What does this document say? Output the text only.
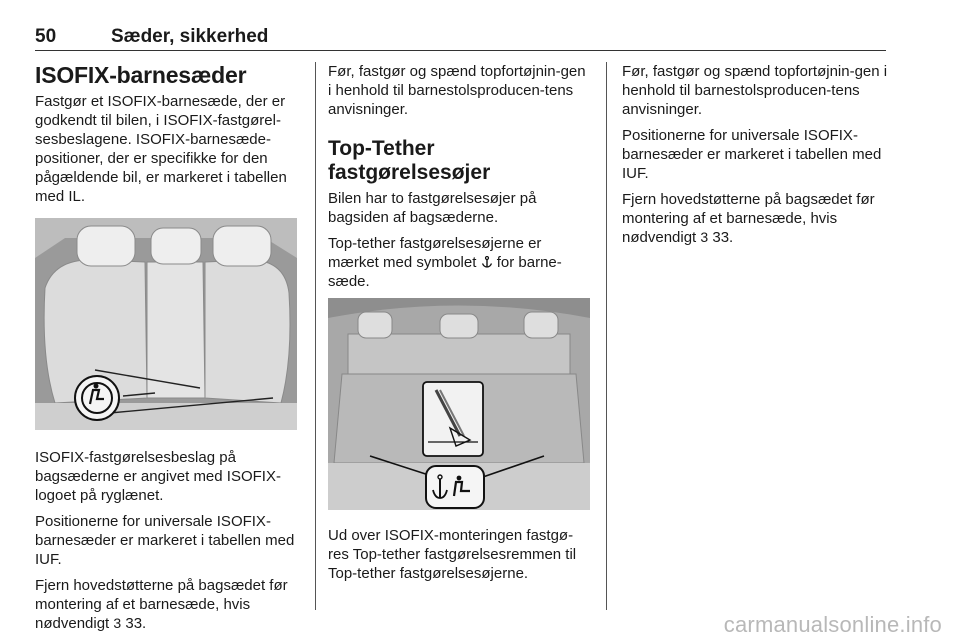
50	Sæder, sikkerhed
ISOFIX-barnesæder

Fastgør et ISOFIX-barnesæde, der er godkendt til bilen, i ISOFIX-fastgørel-sesbeslagene. ISOFIX-barnesæde-positioner, der er specifikke for den pågældende bil, er markeret i tabellen med IL.

ISOFIX-fastgørelsesbeslag på bagsæderne er angivet med ISOFIX-logoet på ryglænet.

Positionerne for universale ISOFIX-barnesæder er markeret i tabellen med IUF.

Fjern hovedstøtterne på bagsædet før montering af et barnesæde, hvis nødvendigt 3 33.

Før, fastgør og spænd topfortøjnin-gen i henhold til barnestolsproducen-tens anvisninger.

Top-Tether fastgørelsesøjer

Bilen har to fastgørelsesøjer på bagsiden af bagsæderne.

Top-tether fastgørelsesøjerne er mærket med symbolet for barne-sæde.

Ud over ISOFIX-monteringen fastgø-res Top-tether fastgørelsesremmen til Top-tether fastgørelsesøjerne.

Før, fastgør og spænd topfortøjnin-gen i henhold til barnestolsproducen-tens anvisninger.

Positionerne for universale ISOFIX-barnesæder er markeret i tabellen med IUF.

Fjern hovedstøtterne på bagsædet før montering af et barnesæde, hvis nødvendigt 3 33.

carmanualsonline.info
